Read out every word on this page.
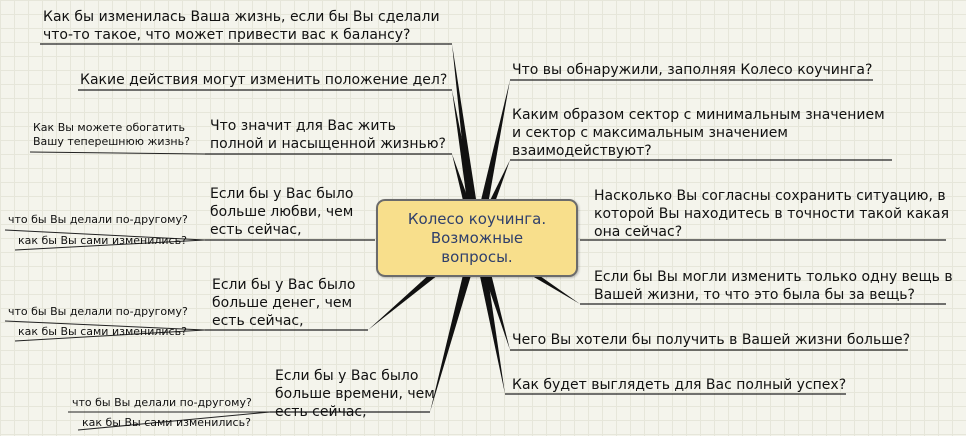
Колесо коучинга.
Возможные
вопросы.
Как бы изменилась Ваша жизнь, если бы Вы сделали
что-то такое, что может привести вас к балансу?
Какие действия могут изменить положение дел?
Что значит для Вас жить
полной и насыщенной жизнью?
Как Вы можете обогатить
Вашу теперешнюю жизнь?
Если бы у Вас было
больше любви, чем
есть сейчас,
что бы Вы делали по-другому?
как бы Вы сами изменились?
Если бы у Вас было
больше денег, чем
есть сейчас,
что бы Вы делали по-другому?
как бы Вы сами изменились?
Если бы у Вас было
больше времени, чем
есть сейчас,
что бы Вы делали по-другому?
как бы Вы сами изменились?
Что вы обнаружили, заполняя Колесо коучинга?
Каким образом сектор с минимальным значением
и сектор с максимальным значением
взаимодействуют?
Насколько Вы согласны сохранить ситуацию, в
которой Вы находитесь в точности такой какая
она сейчас?
Если бы Вы могли изменить только одну вещь в
Вашей жизни, то что это была бы за вещь?
Чего Вы хотели бы получить в Вашей жизни больше?
Как будет выглядеть для Вас полный успех?
